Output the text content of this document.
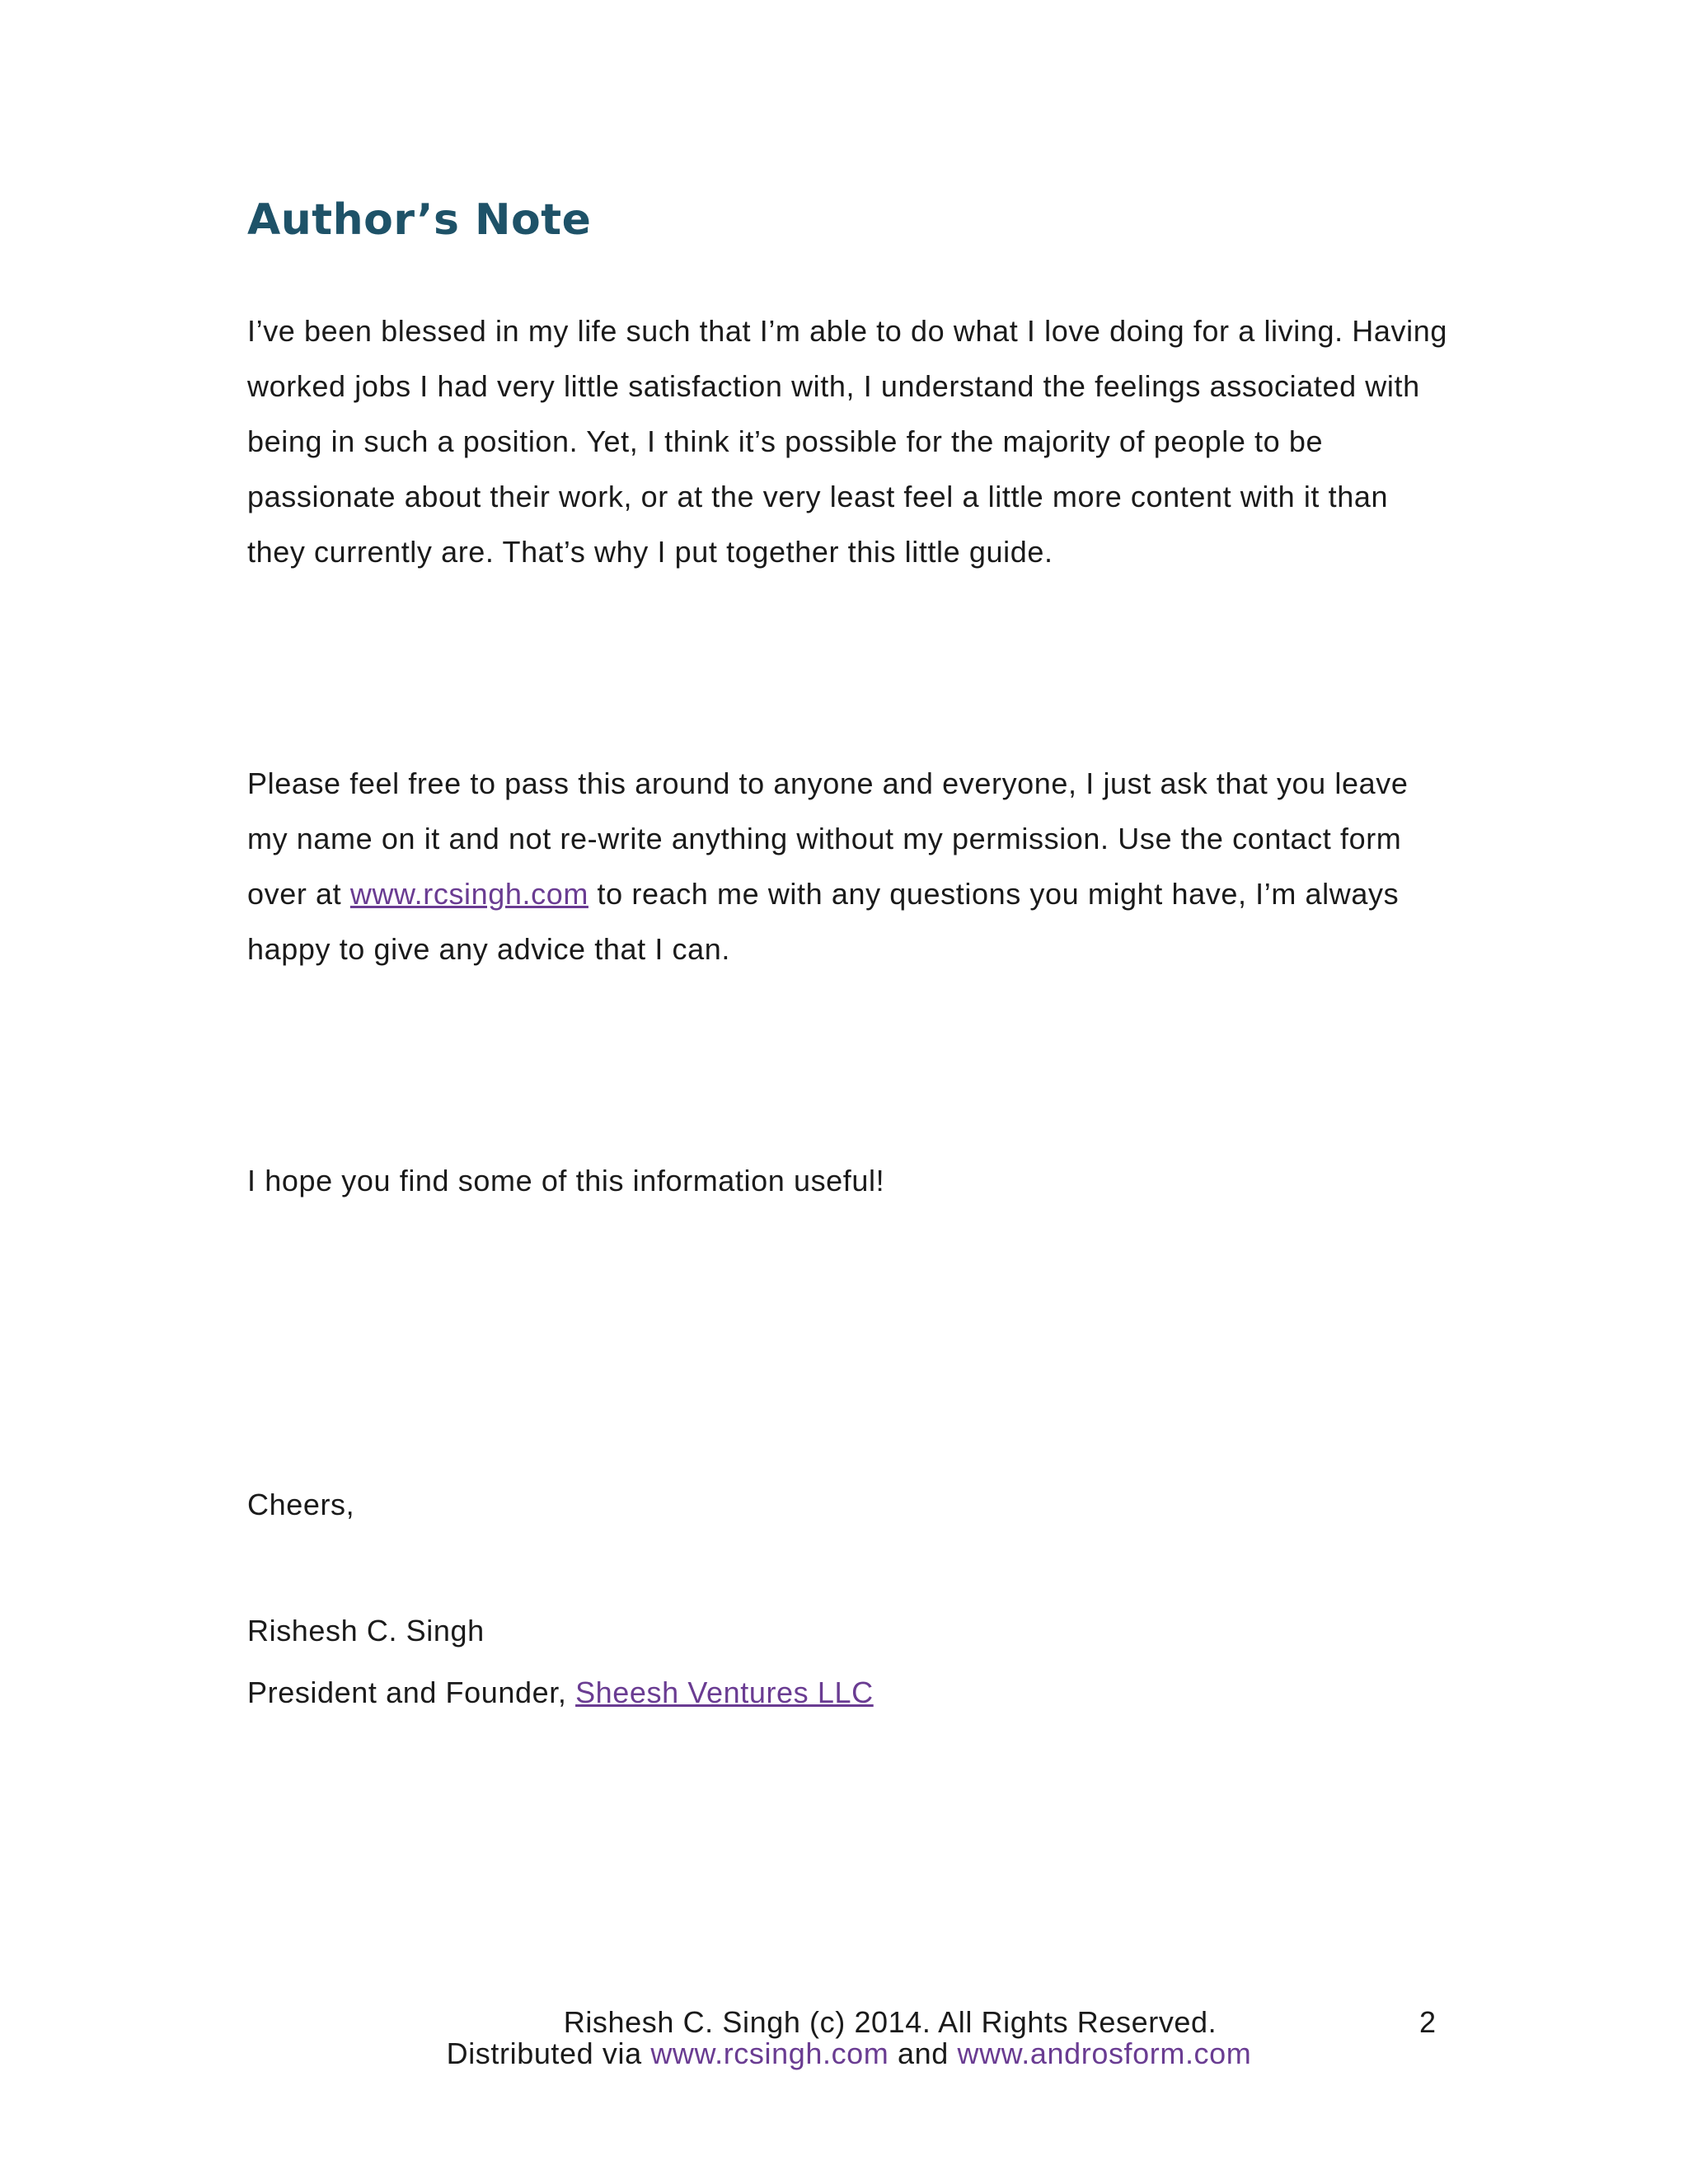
Author’s Note

I’ve been blessed in my life such that I’m able to do what I love doing for a living. Having worked jobs I had very little satisfaction with, I understand the feelings associated with being in such a position. Yet, I think it’s possible for the majority of people to be passionate about their work, or at the very least feel a little more content with it than they currently are. That’s why I put together this little guide.

Please feel free to pass this around to anyone and everyone, I just ask that you leave my name on it and not re-write anything without my permission. Use the contact form over at www.rcsingh.com to reach me with any questions you might have, I’m always happy to give any advice that I can.

I hope you find some of this information useful!

Cheers,

Rishesh C. Singh

President and Founder, Sheesh Ventures LLC

Rishesh C. Singh (c) 2014. All Rights Reserved.	2
Distributed via www.rcsingh.com and www.androsform.com
